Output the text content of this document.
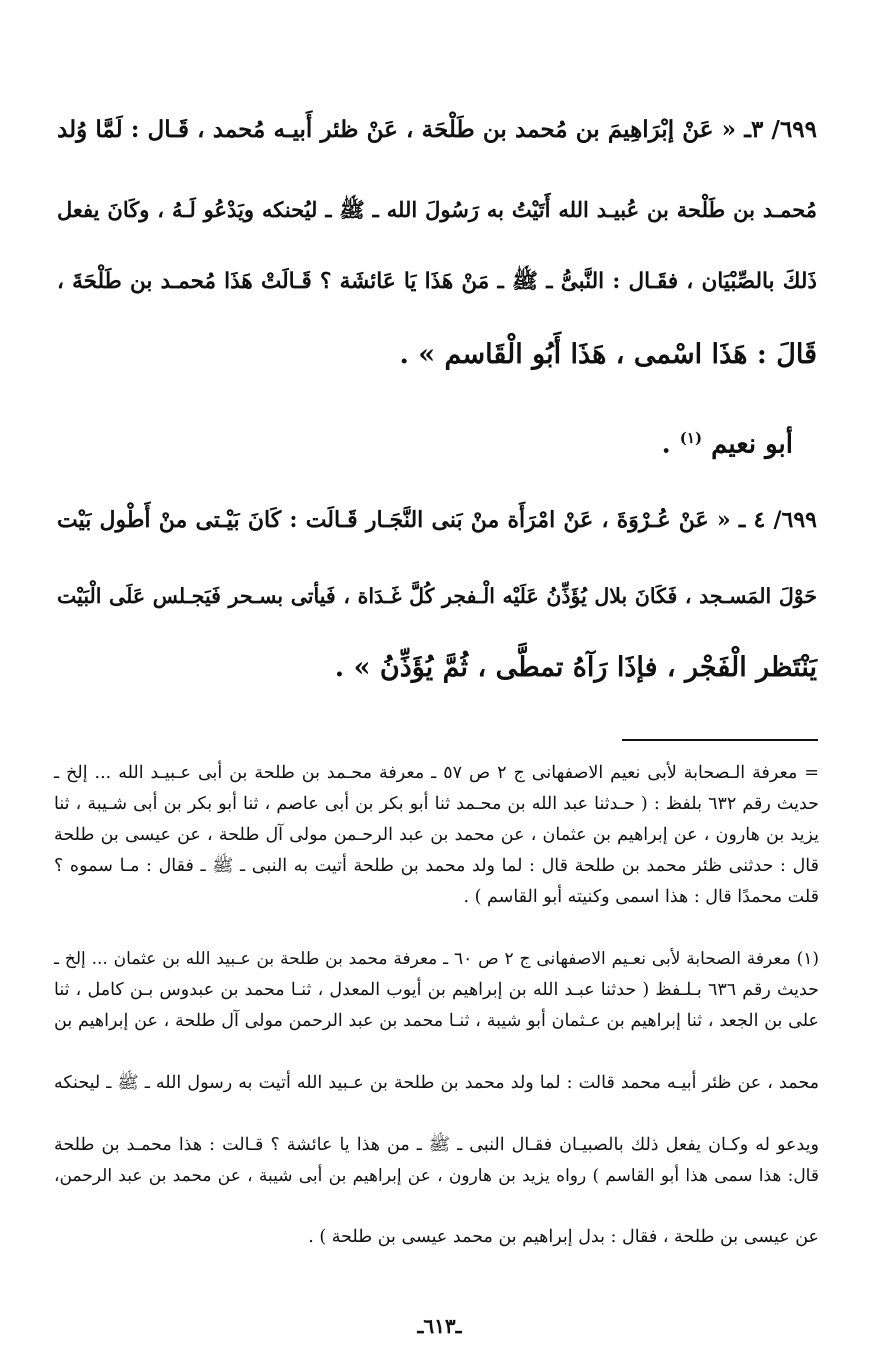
٦٩٩/ ٣ـ « عَنْ إبْرَاهِيمَ بن مُحمد بن طَلْحَة ، عَنْ ظئر أَبيـه مُحمد ، قَـال : لَمَّا وُلد
مُحمـد بن طَلْحة بن عُبيـد الله أَتَيْتُ به رَسُولَ الله ـ ﷺ ـ ليُحنكه ويَدْعُو لَـهُ ، وكَانَ يفعل
ذَلكَ بالصِّبْيَان ، فقَـال : النَّبىُّ ـ ﷺ ـ مَنْ هَذَا يَا عَائشَة ؟ قَـالَتْ هَذَا مُحمـد بن طَلْحَةَ ،
قَالَ : هَذَا اسْمى ، هَذَا أَبُو الْقَاسم » .
أبو نعيم $^{(١)}$ .
٦٩٩/ ٤ ـ « عَنْ عُـرْوَةَ ، عَنْ امْرَأَة منْ بَنى النَّجَـار قَـالَت : كَانَ بَيْـتى منْ أَطْول بَيْت
حَوْلَ المَسـجد ، فَكَانَ بلال يُؤَذِّنُ عَلَيْه الْـفجر كُلَّ غَـدَاة ، فَيأتى بسـحر فَيَجـلس عَلَى الْبَيْت
يَنْتَظر الْفَجْر ، فإذَا رَآهُ تمطَّى ، ثُمَّ يُؤَذِّنُ » .
= معرفة الـصحابة لأبى نعيم الاصفهانى ج ٢ ص ٥٧ ـ معرفة محـمد بن طلحة بن أبى عـبيـد الله ... إلخ ـ
حديث رقم ٦٣٢ بلفظ : ( حـدثنا عبد الله بن محـمد ثنا أبو بكر بن أبى عاصم ، ثنا أبو بكر بن أبى شـيبة ، ثنا
يزيد بن هارون ، عن إبراهيم بن عثمان ، عن محمد بن عبد الرحـمن مولى آل طلحة ، عن عيسى بن طلحة
قال : حدثنى ظئر محمد بن طلحة قال : لما ولد محمد بن طلحة أتيت به النبى ـ ﷺ ـ فقال : مـا سموه ؟
قلت محمدًا قال : هذا اسمى وكنيته أبو القاسم ) .
(١) معرفة الصحابة لأبى نعـيم الاصفهانى ج ٢ ص ٦٠ ـ معرفة محمد بن طلحة بن عـبيد الله بن عثمان ... إلخ ـ
حديث رقم ٦٣٦ بـلـفظ ( حدثنا عبـد الله بن إبراهيم بن أيوب المعدل ، ثنـا محمد بن عبدوس بـن كامل ، ثنا
على بن الجعد ، ثنا إبراهيم بن عـثمان أبو شيبة ، ثنـا محمد بن عبد الرحمن مولى آل طلحة ، عن إبراهيم بن
محمد ، عن ظئر أبيـه محمد قالت : لما ولد محمد بن طلحة بن عـبيد الله أتيت به رسول الله ـ ﷺ ـ ليحنكه
ويدعو له وكـان يفعل ذلك بالصبيـان فقـال النبى ـ ﷺ ـ من هذا يا عائشة ؟ قـالت : هذا محمـد بن طلحة
قال: هذا سمى هذا أبو القاسم ) رواه يزيد بن هارون ، عن إبراهيم بن أبى شيبة ، عن محمد بن عبد الرحمن،
عن عيسى بن طلحة ، فقال : بدل إبراهيم بن محمد عيسى بن طلحة ) .
ـ٦١٣ـ
